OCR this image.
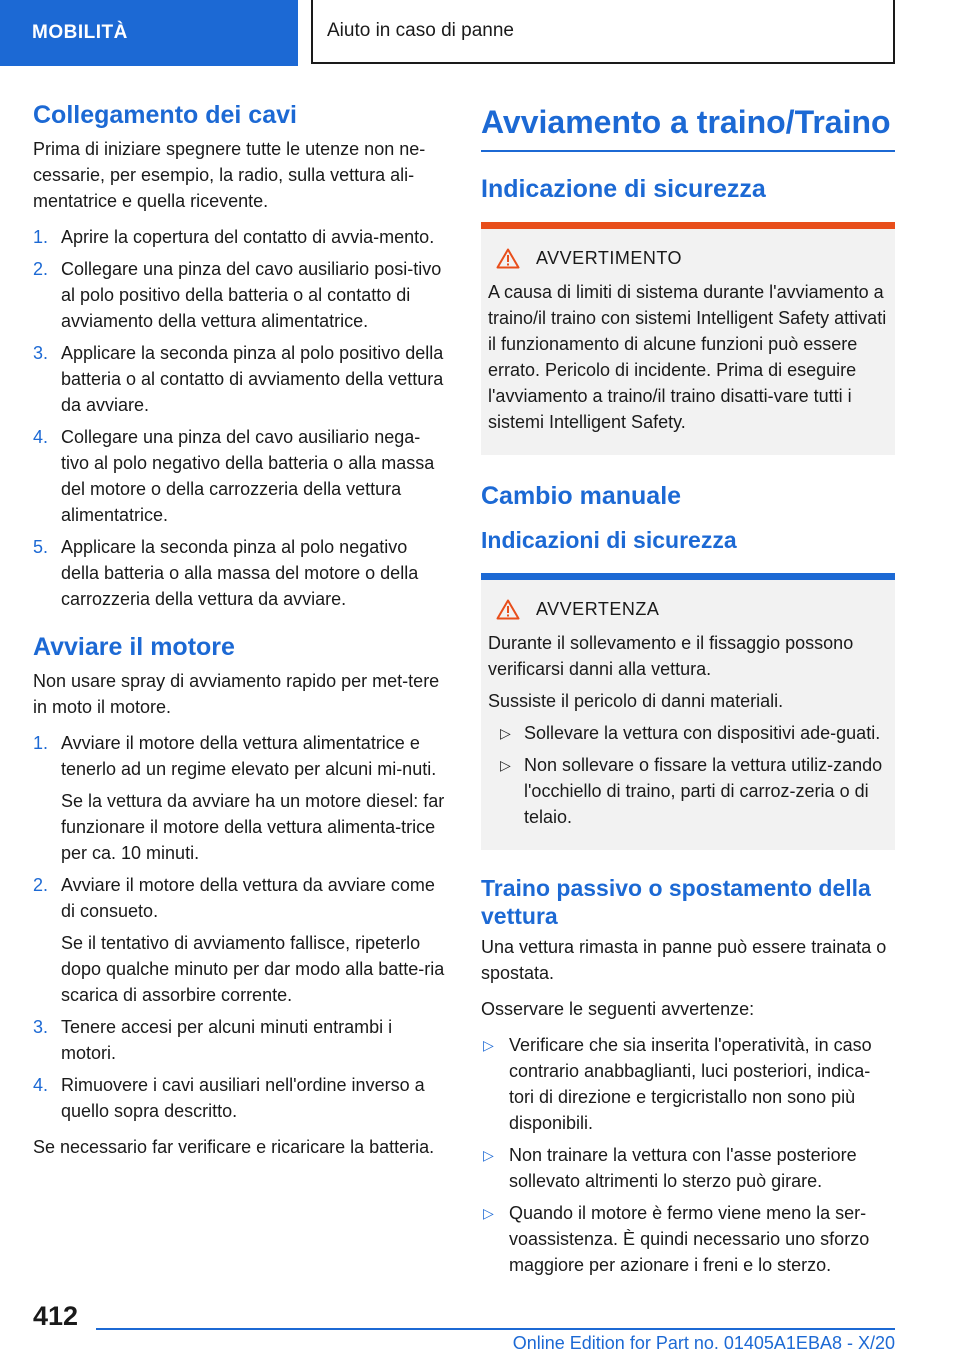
MOBILITÀ	Aiuto in caso di panne
Collegamento dei cavi

Prima di iniziare spegnere tutte le utenze non ne-cessarie, per esempio, la radio, sulla vettura ali-mentatrice e quella ricevente.

1. Aprire la copertura del contatto di avvia-mento.
2. Collegare una pinza del cavo ausiliario posi-tivo al polo positivo della batteria o al contatto di avviamento della vettura alimentatrice.
3. Applicare la seconda pinza al polo positivo della batteria o al contatto di avviamento della vettura da avviare.
4. Collegare una pinza del cavo ausiliario nega-tivo al polo negativo della batteria o alla massa del motore o della carrozzeria della vettura alimentatrice.
5. Applicare la seconda pinza al polo negativo della batteria o alla massa del motore o della carrozzeria della vettura da avviare.
Avviare il motore

Non usare spray di avviamento rapido per met-tere in moto il motore.

1. Avviare il motore della vettura alimentatrice e tenerlo ad un regime elevato per alcuni mi-nuti.
Se la vettura da avviare ha un motore diesel: far funzionare il motore della vettura alimenta-trice per ca. 10 minuti.
2. Avviare il motore della vettura da avviare come di consueto.
Se il tentativo di avviamento fallisce, ripeterlo dopo qualche minuto per dar modo alla batte-ria scarica di assorbire corrente.
3. Tenere accesi per alcuni minuti entrambi i motori.
4. Rimuovere i cavi ausiliari nell'ordine inverso a quello sopra descritto.

Se necessario far verificare e ricaricare la batteria.

Avviamento a traino/Traino
Indicazione di sicurezza
AVVERTIMENTO

A causa di limiti di sistema durante l'avviamento a traino/il traino con sistemi Intelligent Safety attivati il funzionamento di alcune funzioni può essere errato. Pericolo di incidente. Prima di eseguire l'avviamento a traino/il traino disatti-vare tutti i sistemi Intelligent Safety.

Cambio manuale
Indicazioni di sicurezza
AVVERTENZA

Durante il sollevamento e il fissaggio possono verificarsi danni alla vettura.

Sussiste il pericolo di danni materiali.

▷ Sollevare la vettura con dispositivi ade-guati.
▷ Non sollevare o fissare la vettura utiliz-zando l'occhiello di traino, parti di carroz-zeria o di telaio.
Traino passivo o spostamento della vettura

Una vettura rimasta in panne può essere trainata o spostata.

Osservare le seguenti avvertenze:

▷ Verificare che sia inserita l'operatività, in caso contrario anabbaglianti, luci posteriori, indica-tori di direzione e tergicristallo non sono più disponibili.
▷ Non trainare la vettura con l'asse posteriore sollevato altrimenti lo sterzo può girare.
▷ Quando il motore è fermo viene meno la ser-voassistenza. È quindi necessario uno sforzo maggiore per azionare i freni e lo sterzo.
412
Online Edition for Part no. 01405A1EBA8 - X/20
